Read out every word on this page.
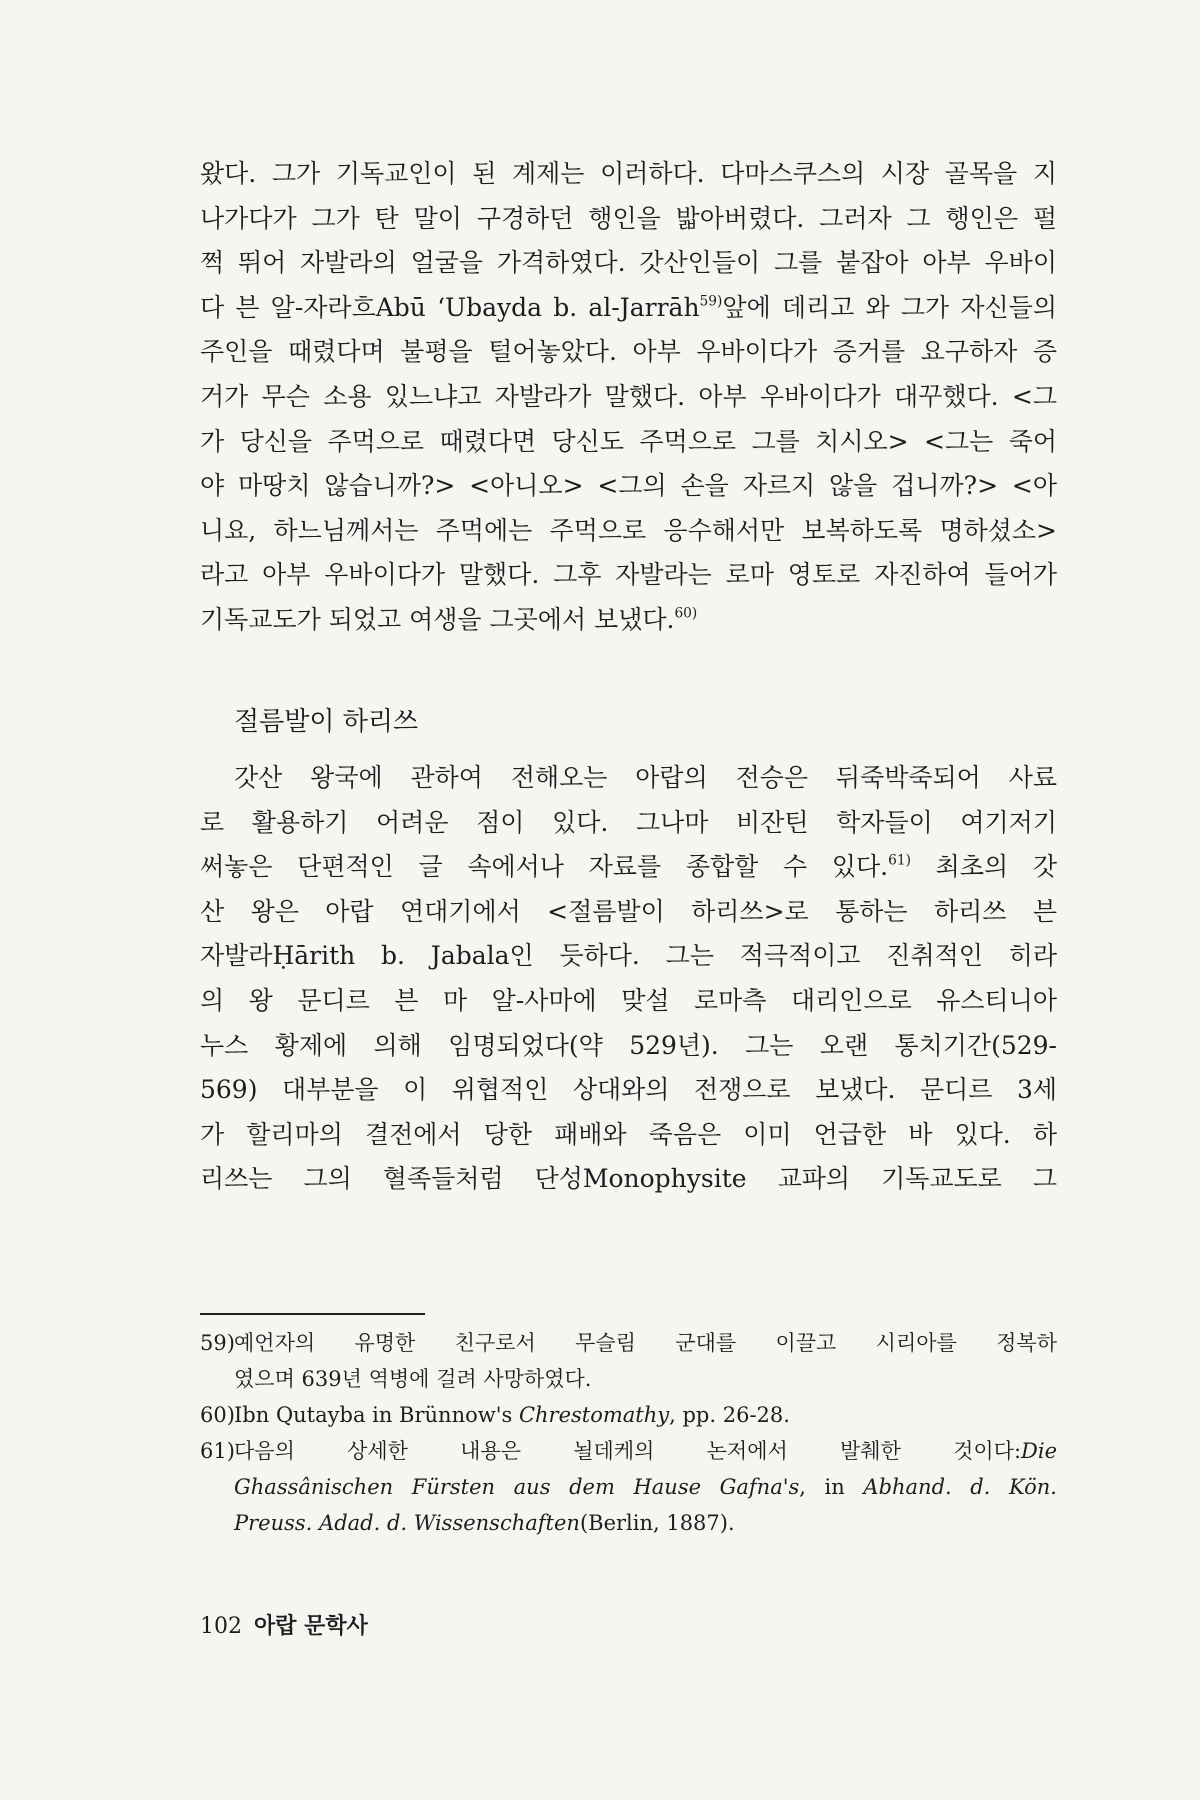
왔다. 그가 기독교인이 된 계제는 이러하다. 다마스쿠스의 시장 골목을 지
나가다가 그가 탄 말이 구경하던 행인을 밟아버렸다. 그러자 그 행인은 펄
쩍 뛰어 자발라의 얼굴을 가격하였다. 갓산인들이 그를 붙잡아 아부 우바이
다 븐 알-자라흐Abū ‘Ubayda b. al-Jarrāh$^{59)}$앞에 데리고 와 그가 자신들의
주인을 때렸다며 불평을 털어놓았다. 아부 우바이다가 증거를 요구하자 증
거가 무슨 소용 있느냐고 자발라가 말했다. 아부 우바이다가 대꾸했다. <그
가 당신을 주먹으로 때렸다면 당신도 주먹으로 그를 치시오> <그는 죽어
야 마땅치 않습니까?> <아니오> <그의 손을 자르지 않을 겁니까?> <아
니요, 하느님께서는 주먹에는 주먹으로 응수해서만 보복하도록 명하셨소>
라고 아부 우바이다가 말했다. 그후 자발라는 로마 영토로 자진하여 들어가
기독교도가 되었고 여생을 그곳에서 보냈다.$^{60)}$
절름발이 하리쓰
갓산 왕국에 관하여 전해오는 아랍의 전승은 뒤죽박죽되어 사료
로 활용하기 어려운 점이 있다. 그나마 비잔틴 학자들이 여기저기
써놓은 단편적인 글 속에서나 자료를 종합할 수 있다.$^{61)}$ 최초의 갓
산 왕은 아랍 연대기에서 <절름발이 하리쓰>로 통하는 하리쓰 븐
자발라Ḥārith b. Jabala인 듯하다. 그는 적극적이고 진취적인 히라
의 왕 문디르 븐 마 알-사마에 맞설 로마측 대리인으로 유스티니아
누스 황제에 의해 임명되었다(약 529년). 그는 오랜 통치기간(529-
569) 대부분을 이 위협적인 상대와의 전쟁으로 보냈다. 문디르 3세
가 할리마의 결전에서 당한 패배와 죽음은 이미 언급한 바 있다. 하
리쓰는 그의 혈족들처럼 단성Monophysite 교파의 기독교도로 그
59) 예언자의 유명한 친구로서 무슬림 군대를 이끌고 시리아를 정복하
였으며 639년 역병에 걸려 사망하였다.
60) Ibn Qutayba in Brünnow's Chrestomathy, pp. 26-28.
61) 다음의 상세한 내용은 뇔데케의 논저에서 발췌한 것이다:Die
Ghassânischen Fürsten aus dem Hause Gafna's, in Abhand. d. Kön.
Preuss. Adad. d. Wissenschaften(Berlin, 1887).
102 아랍 문학사
